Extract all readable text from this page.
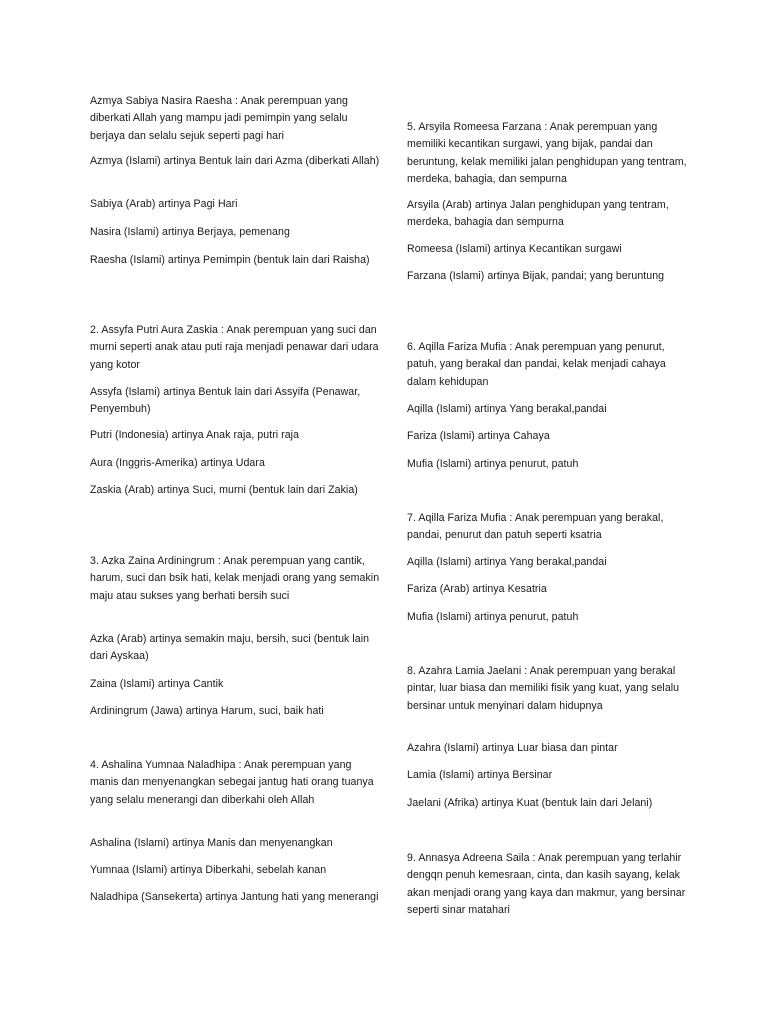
Azmya Sabiya Nasira Raesha : Anak perempuan yang diberkati Allah yang mampu jadi pemimpin yang selalu berjaya dan selalu sejuk seperti pagi hari

Azmya (Islami) artinya Bentuk lain dari Azma (diberkati Allah)

Sabiya (Arab) artinya Pagi Hari

Nasira (Islami) artinya Berjaya, pemenang

Raesha (Islami) artinya Pemimpin (bentuk lain dari Raisha)

2. Assyfa Putri Aura Zaskia : Anak perempuan yang suci dan murni seperti anak atau puti raja menjadi penawar dari udara yang kotor

Assyfa (Islami) artinya Bentuk lain dari Assyifa (Penawar, Penyembuh)

Putri (Indonesia) artinya Anak raja, putri raja

Aura (Inggris-Amerika) artinya Udara

Zaskia (Arab) artinya Suci, murni (bentuk lain dari Zakia)

3. Azka Zaina Ardiningrum : Anak perempuan yang cantik, harum, suci dan bsik hati, kelak menjadi orang yang semakin maju atau sukses yang berhati bersih suci

Azka (Arab) artinya semakin maju, bersih, suci (bentuk lain dari Ayskaa)

Zaina (Islami) artinya Cantik

Ardiningrum (Jawa) artinya Harum, suci, baik hati

4. Ashalina Yumnaa Naladhipa : Anak perempuan yang manis dan menyenangkan sebegai jantug hati orang tuanya yang selalu menerangi dan diberkahi oleh Allah

Ashalina (Islami) artinya Manis dan menyenangkan

Yumnaa (Islami) artinya Diberkahi, sebelah kanan

Naladhipa (Sansekerta) artinya Jantung hati yang menerangi

5. Arsyila Romeesa Farzana : Anak perempuan yang memiliki kecantikan surgawi, yang bijak, pandai dan beruntung, kelak memiliki jalan penghidupan yang tentram, merdeka, bahagia, dan sempurna

Arsyila (Arab) artinya Jalan penghidupan yang tentram, merdeka, bahagia dan sempurna

Romeesa (Islami) artinya Kecantikan surgawi

Farzana (Islami) artinya Bijak, pandai; yang beruntung

6. Aqilla Fariza Mufia : Anak perempuan yang penurut, patuh, yang berakal dan pandai, kelak menjadi cahaya dalam kehidupan

Aqilla (Islami) artinya Yang berakal,pandai

Fariza (Islami) artinya Cahaya

Mufia (Islami) artinya penurut, patuh

7. Aqilla Fariza Mufia : Anak perempuan yang berakal, pandai, penurut dan patuh seperti ksatria

Aqilla (Islami) artinya Yang berakal,pandai

Fariza (Arab) artinya Kesatria

Mufia (Islami) artinya penurut, patuh

8. Azahra Lamia Jaelani : Anak perempuan yang berakal pintar, luar biasa dan memiliki fisik yang kuat, yang selalu bersinar untuk menyinari dalam hidupnya

Azahra (Islami) artinya Luar biasa dan pintar

Lamia (Islami) artinya Bersinar

Jaelani (Afrika) artinya Kuat (bentuk lain dari Jelani)

9. Annasya Adreena Saila : Anak perempuan yang terlahir dengqn penuh kemesraan, cinta, dan kasih sayang, kelak akan menjadi orang yang kaya dan makmur, yang bersinar seperti sinar matahari
